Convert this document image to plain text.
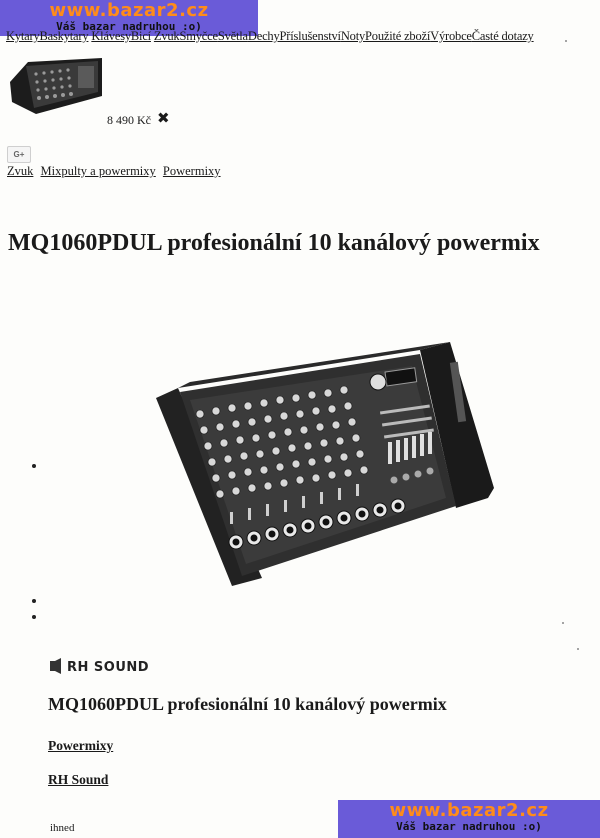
www.bazar2.cz
Váš bazar nadruhou :o)
KytaryBaskytary KlávesyBicí ZvukSmyčceSvětlaDechyPříslušenstvíNotyPoužité zbožíVýrobceČasté dotazy
8 490 Kč ✖
G+
Zvuk Mixpulty a powermixy Powermixy
MQ1060PDUL profesionální 10 kanálový powermix
RH SOUND
MQ1060PDUL profesionální 10 kanálový powermix
Powermixy
RH Sound
ihned
www.bazar2.cz
Váš bazar nadruhou :o)
